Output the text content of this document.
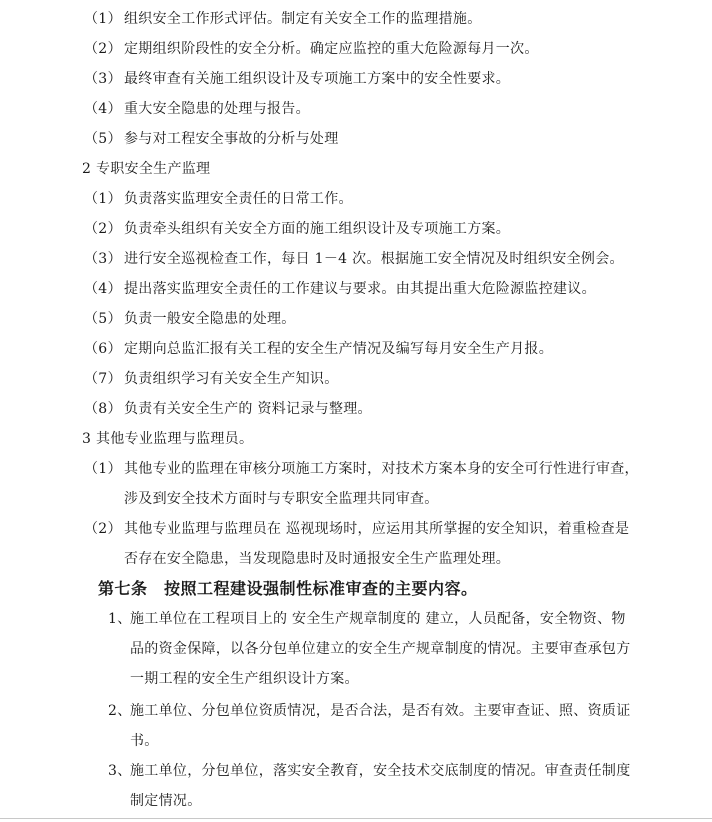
（1） 组织安全工作形式评估。制定有关安全工作的监理措施。
（2） 定期组织阶段性的安全分析。确定应监控的重大危险源每月一次。
（3） 最终审查有关施工组织设计及专项施工方案中的安全性要求。
（4） 重大安全隐患的处理与报告。
（5） 参与对工程安全事故的分析与处理
2 专职安全生产监理
（1） 负责落实监理安全责任的日常工作。
（2） 负责牵头组织有关安全方面的施工组织设计及专项施工方案。
（3） 进行安全巡视检查工作，每日 1－4 次。根据施工安全情况及时组织安全例会。
（4） 提出落实监理安全责任的工作建议与要求。由其提出重大危险源监控建议。
（5） 负责一般安全隐患的处理。
（6） 定期向总监汇报有关工程的安全生产情况及编写每月安全生产月报。
（7） 负责组织学习有关安全生产知识。
（8） 负责有关安全生产的 资料记录与整理。
3 其他专业监理与监理员。
（1） 其他专业的监理在审核分项施工方案时，对技术方案本身的安全可行性进行审查，
涉及到安全技术方面时与专职安全监理共同审查。
（2） 其他专业监理与监理员在 巡视现场时，应运用其所掌握的安全知识，着重检查是
否存在安全隐患，当发现隐患时及时通报安全生产监理处理。
第七条　按照工程建设强制性标准审查的主要内容。
1、
施工单位在工程项目上的 安全生产规章制度的 建立，人员配备，安全物资、物
品的资金保障，以各分包单位建立的安全生产规章制度的情况。主要审查承包方
一期工程的安全生产组织设计方案。
2、
施工单位、分包单位资质情况，是否合法，是否有效。主要审查证、照、资质证
书。
3、
施工单位，分包单位，落实安全教育，安全技术交底制度的情况。审查责任制度
制定情况。
